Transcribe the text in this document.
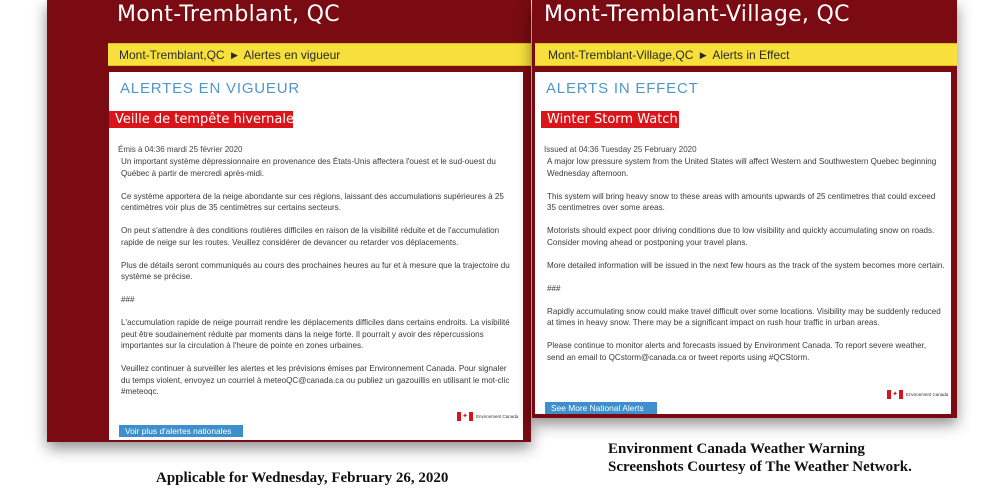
Mont-Tremblant, QC
Mont-Tremblant,QC ▶ Alertes en vigueur
ALERTES EN VIGUEUR
Veille de tempête hivernale
Émis à 04:36 mardi 25 février 2020

Un important système dépressionnaire en provenance des États-Unis affectera l'ouest et le sud-ouest du Québec à partir de mercredi après-midi.

Ce système apportera de la neige abondante sur ces régions, laissant des accumulations supérieures à 25 centimètres voir plus de 35 centimètres sur certains secteurs.

On peut s'attendre à des conditions routières difficiles en raison de la visibilité réduite et de l'accumulation rapide de neige sur les routes. Veuillez considérer de devancer ou retarder vos déplacements.

Plus de détails seront communiqués au cours des prochaines heures au fur et à mesure que la trajectoire du système se précise.

###

L'accumulation rapide de neige pourrait rendre les déplacements difficiles dans certains endroits. La visibilité peut être soudainement réduite par moments dans la neige forte. Il pourrait y avoir des répercussions importantes sur la circulation à l'heure de pointe en zones urbaines.

Veuillez continuer à surveiller les alertes et les prévisions émises par Environnement Canada. Pour signaler du temps violent, envoyez un courriel à meteoQC@canada.ca ou publiez un gazouillis en utilisant le mot-clic #meteoqc.

✦ Environment Canada
Voir plus d'alertes nationales
Mont-Tremblant-Village, QC
Mont-Tremblant-Village,QC ▶ Alerts in Effect
ALERTS IN EFFECT
Winter Storm Watch
Issued at 04:36 Tuesday 25 February 2020

A major low pressure system from the United States will affect Western and Southwestern Quebec beginning Wednesday afternoon.

This system will bring heavy snow to these areas with amounts upwards of 25 centimetres that could exceed 35 centimetres over some areas.

Motorists should expect poor driving conditions due to low visibility and quickly accumulating snow on roads. Consider moving ahead or postponing your travel plans.

More detailed information will be issued in the next few hours as the track of the system becomes more certain.

###

Rapidly accumulating snow could make travel difficult over some locations. Visibility may be suddenly reduced at times in heavy snow. There may be a significant impact on rush hour traffic in urban areas.

Please continue to monitor alerts and forecasts issued by Environment Canada. To report severe weather, send an email to QCstorm@canada.ca or tweet reports using #QCStorm.

✦ Environment Canada
See More National Alerts
Environment Canada Weather Warning
Screenshots Courtesy of The Weather Network.
Applicable for Wednesday, February 26, 2020
